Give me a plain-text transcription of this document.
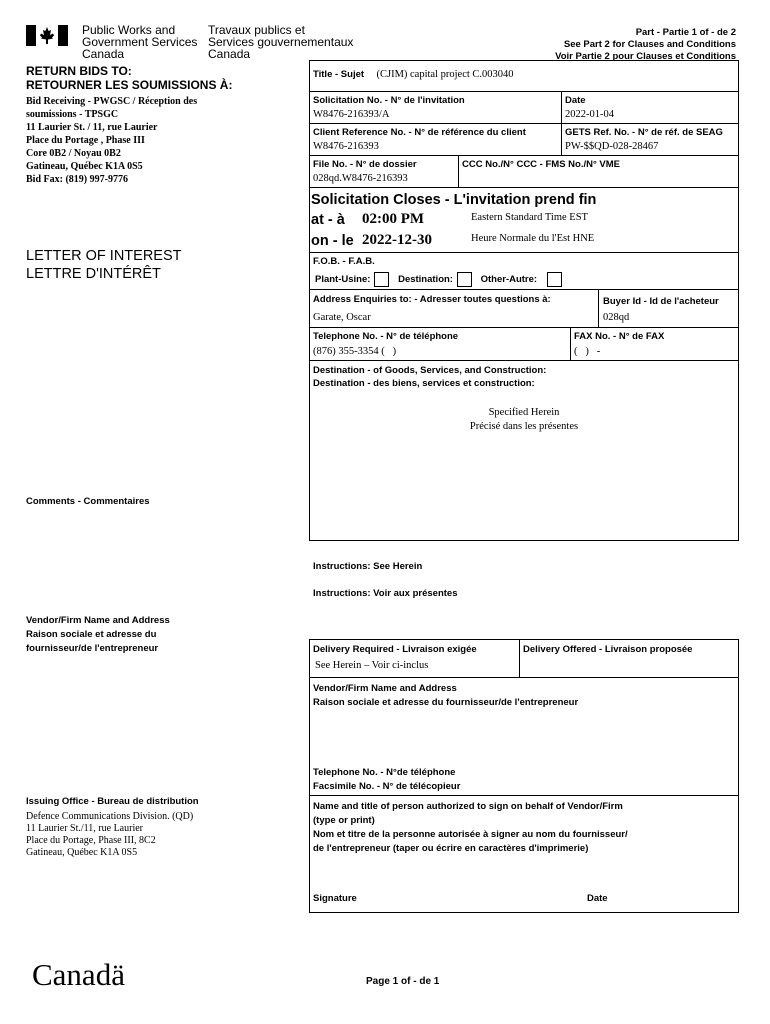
Public Works and
Government Services
Canada
Travaux publics et
Services gouvernementaux
Canada
Part - Partie 1 of - de 2
See Part 2 for Clauses and Conditions
Voir Partie 2 pour Clauses et Conditions
RETURN BIDS TO:
RETOURNER LES SOUMISSIONS À:
Bid Receiving - PWGSC / Réception des
soumissions - TPSGC
11 Laurier St. / 11, rue Laurier
Place du Portage , Phase III
Core 0B2 / Noyau 0B2
Gatineau, Québec K1A 0S5
Bid Fax: (819) 997-9776
LETTER OF INTEREST
LETTRE D'INTÉRÊT
Comments - Commentaires
Vendor/Firm Name and Address
Raison sociale et adresse du
fournisseur/de l'entrepreneur
Issuing Office - Bureau de distribution
Defence Communications Division. (QD)
11 Laurier St./11, rue Laurier
Place du Portage, Phase III, 8C2
Gatineau, Québec K1A 0S5
Title - Sujet (CJIM) capital project C.003040
Solicitation No. - N° de l'invitation
W8476-216393/A
Date
2022-01-04
Client Reference No. - N° de référence du client
W8476-216393
GETS Ref. No. - N° de réf. de SEAG
PW-$$QD-028-28467
File No. - N° de dossier
028qd.W8476-216393
CCC No./N° CCC - FMS No./N° VME
Solicitation Closes - L'invitation prend fin
at - à 02:00 PM	Eastern Standard Time EST
on - le 2022-12-30	Heure Normale du l'Est HNE
F.O.B. - F.A.B.
Plant-Usine:	Destination:	Other-Autre:
Address Enquiries to: - Adresser toutes questions à:
Garate, Oscar
Buyer Id - Id de l'acheteur
028qd
Telephone No. - N° de téléphone
(876) 355-3354 (   )
FAX No. - N° de FAX
(   )   -
Destination - of Goods, Services, and Construction:
Destination - des biens, services et construction:
Specified Herein
Précisé dans les présentes
Instructions: See Herein
Instructions: Voir aux présentes
Delivery Required - Livraison exigée
See Herein – Voir ci-inclus
Delivery Offered - Livraison proposée
Vendor/Firm Name and Address
Raison sociale et adresse du fournisseur/de l'entrepreneur
Telephone No. - N°de téléphone
Facsimile No. - N° de télécopieur
Name and title of person authorized to sign on behalf of Vendor/Firm
(type or print)
Nom et titre de la personne autorisée à signer au nom du fournisseur/
de l'entrepreneur (taper ou écrire en caractères d'imprimerie)
Signature	Date
Canadä	Page 1 of - de 1
